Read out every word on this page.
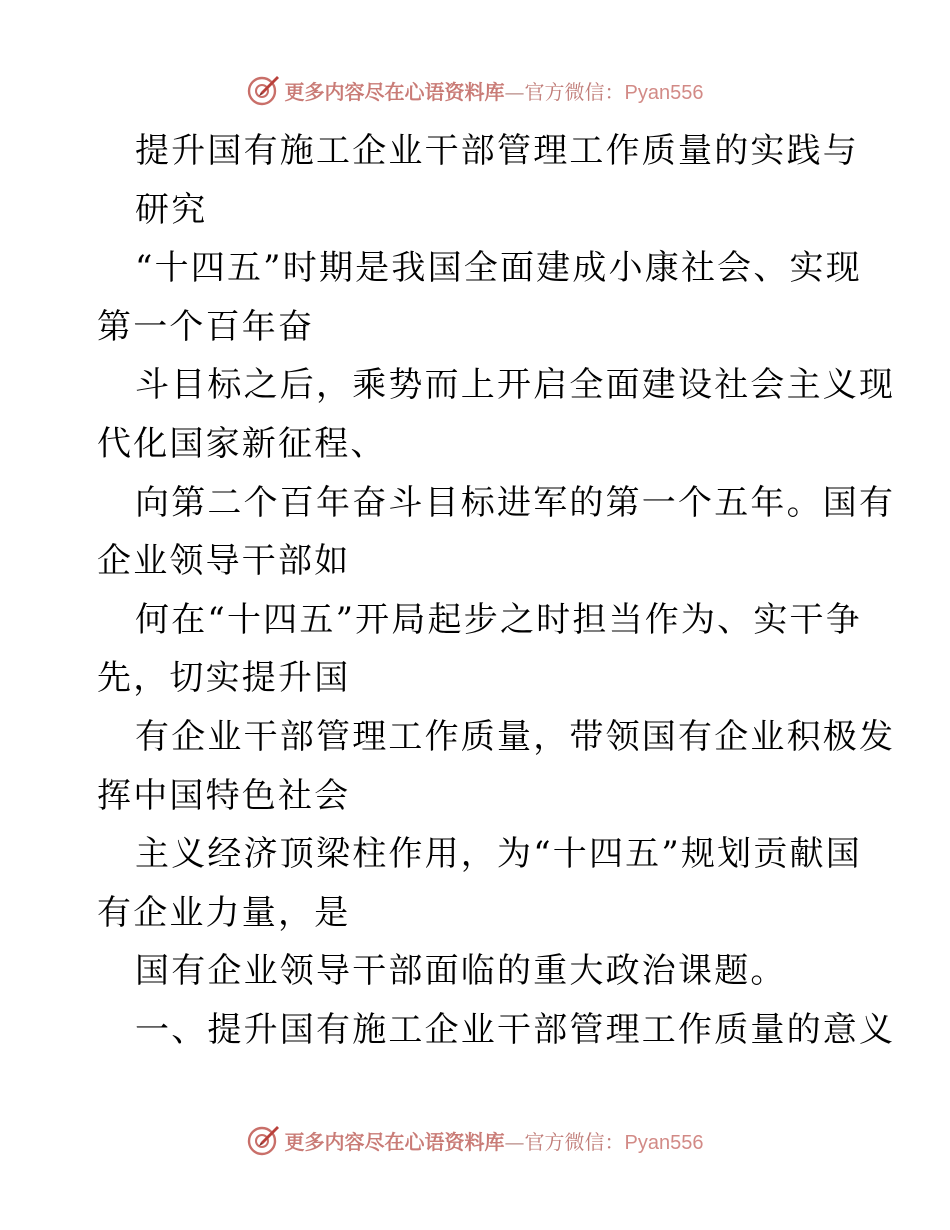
更多内容尽在心语资料库—官方微信：Pyan556
提升国有施工企业干部管理工作质量的实践与
研究
“十四五”时期是我国全面建成小康社会、实现
第一个百年奋
斗目标之后，乘势而上开启全面建设社会主义现
代化国家新征程、
向第二个百年奋斗目标进军的第一个五年。国有
企业领导干部如
何在“十四五”开局起步之时担当作为、实干争
先，切实提升国
有企业干部管理工作质量，带领国有企业积极发
挥中国特色社会
主义经济顶梁柱作用，为“十四五”规划贡献国
有企业力量，是
国有企业领导干部面临的重大政治课题。
一、提升国有施工企业干部管理工作质量的意义
更多内容尽在心语资料库—官方微信：Pyan556
